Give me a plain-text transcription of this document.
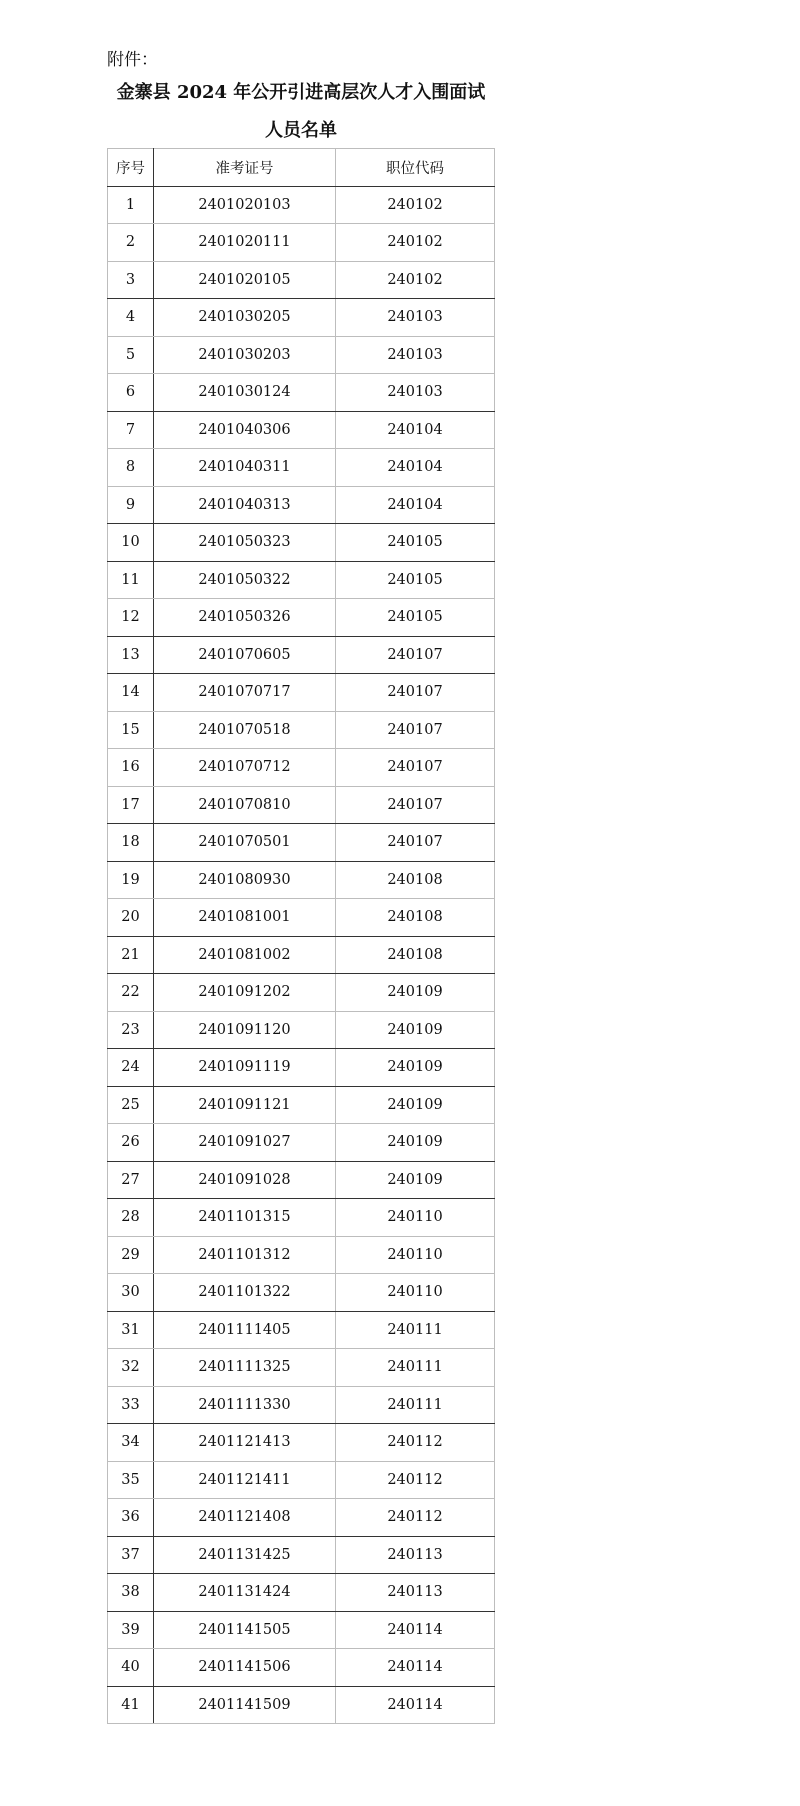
附件：
金寨县 2024 年公开引进高层次人才入围面试
人员名单
序号	准考证号	职位代码
1	2401020103	240102
2	2401020111	240102
3	2401020105	240102
4	2401030205	240103
5	2401030203	240103
6	2401030124	240103
7	2401040306	240104
8	2401040311	240104
9	2401040313	240104
10	2401050323	240105
11	2401050322	240105
12	2401050326	240105
13	2401070605	240107
14	2401070717	240107
15	2401070518	240107
16	2401070712	240107
17	2401070810	240107
18	2401070501	240107
19	2401080930	240108
20	2401081001	240108
21	2401081002	240108
22	2401091202	240109
23	2401091120	240109
24	2401091119	240109
25	2401091121	240109
26	2401091027	240109
27	2401091028	240109
28	2401101315	240110
29	2401101312	240110
30	2401101322	240110
31	2401111405	240111
32	2401111325	240111
33	2401111330	240111
34	2401121413	240112
35	2401121411	240112
36	2401121408	240112
37	2401131425	240113
38	2401131424	240113
39	2401141505	240114
40	2401141506	240114
41	2401141509	240114
